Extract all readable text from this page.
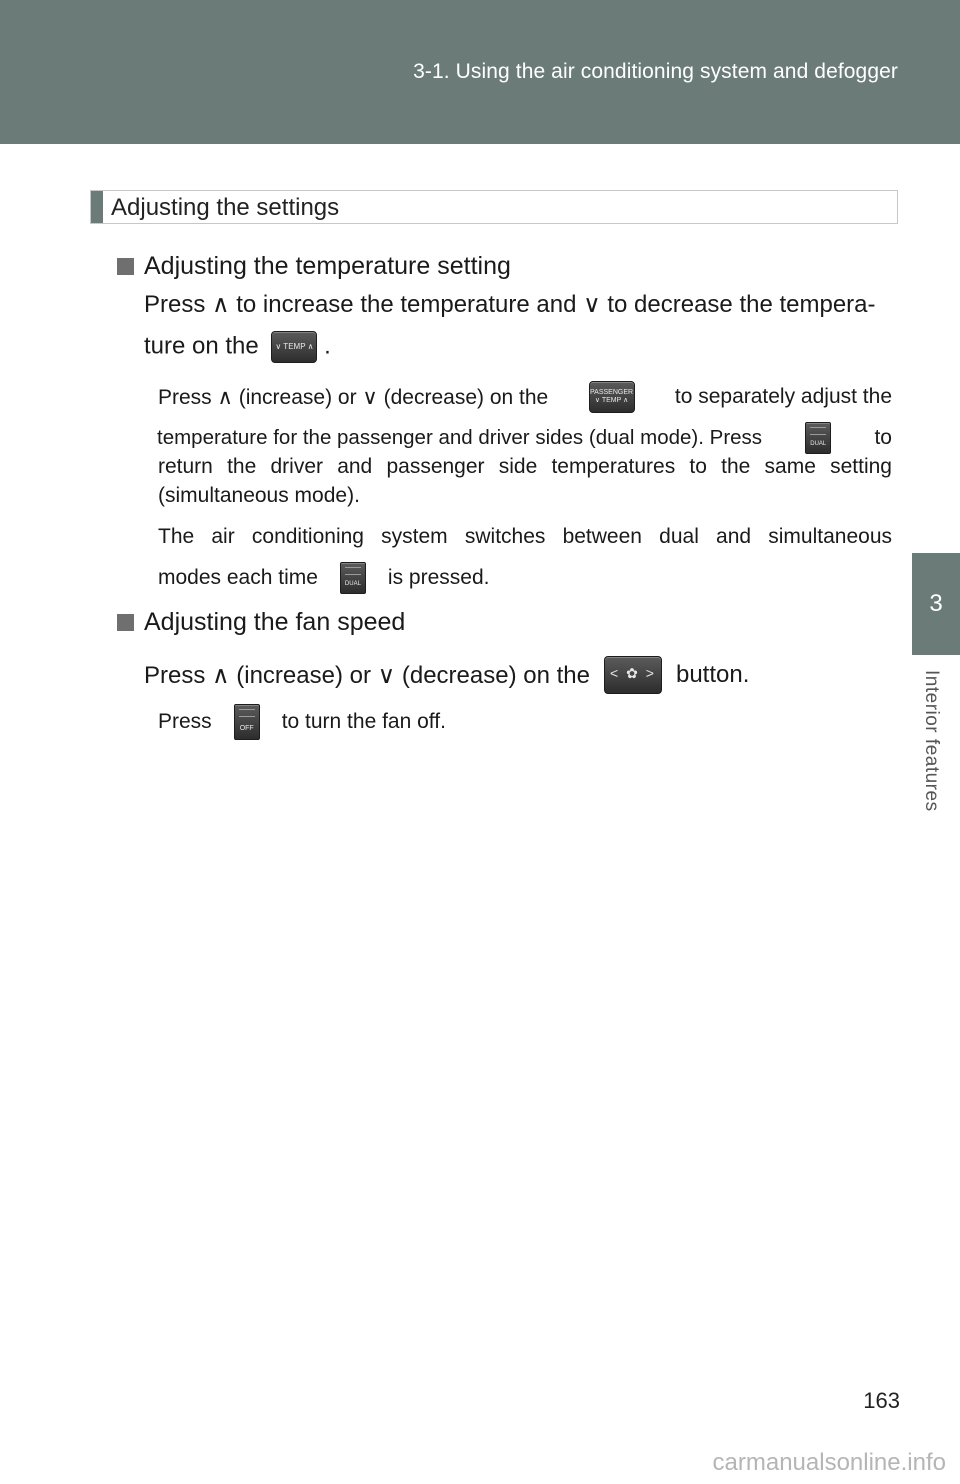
3-1. Using the air conditioning system and defogger
3
Interior features
Adjusting the settings
Adjusting the temperature setting
Press ∧ to increase the temperature and ∨ to decrease the tempera-
ture on the	∨ TEMP ∧ .
Press ∧ (increase) or ∨ (decrease) on the	PASSENGER
∨ TEMP ∧ to separately adjust the
temperature for the passenger and driver sides (dual mode). Press	DUAL to
return the driver and passenger side temperatures to the same setting
(simultaneous mode).
The air conditioning system switches between dual and simultaneous
modes each time	DUAL is pressed.
Adjusting the fan speed
Press ∧ (increase) or ∨ (decrease) on the	< ✿ > button.
Press	OFF to turn the fan off.
163
carmanualsonline.info
